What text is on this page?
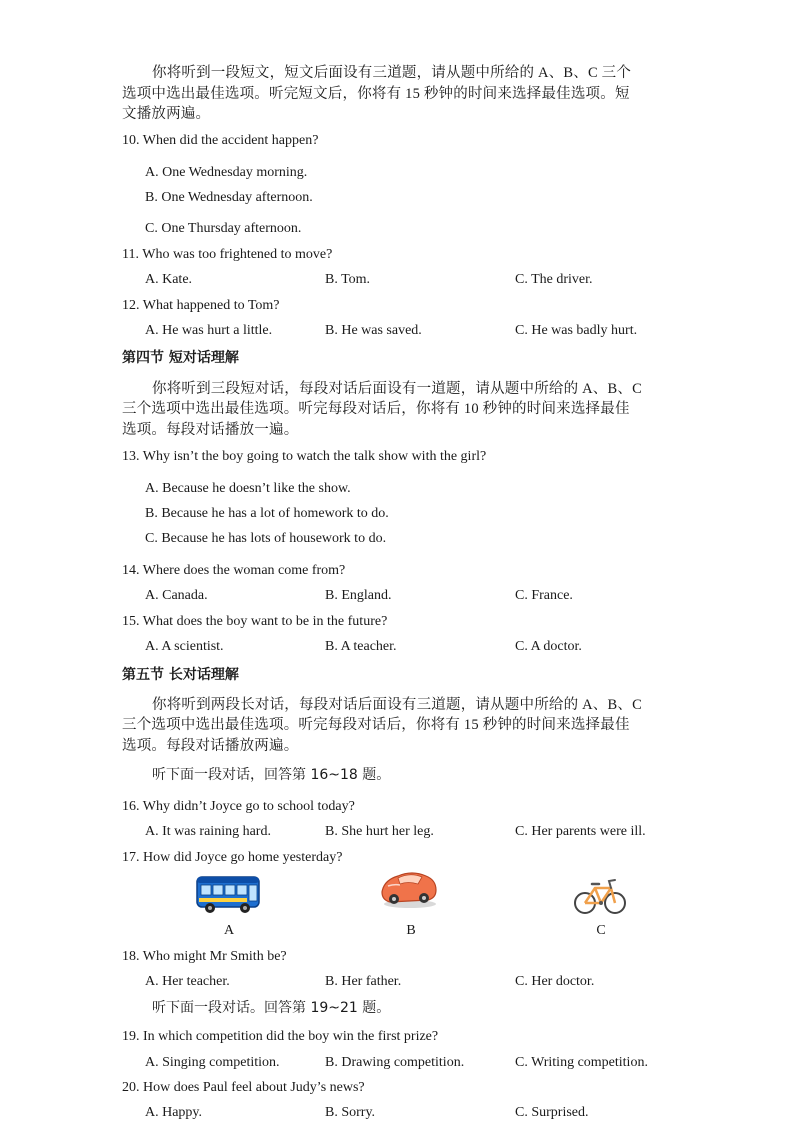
你将听到一段短文，短文后面设有三道题，请从题中所给的 A、B、C 三个
选项中选出最佳选项。听完短文后，你将有 15 秒钟的时间来选择最佳选项。短
文播放两遍。
10. When did the accident happen?
A. One Wednesday morning.
B. One Wednesday afternoon.
C. One Thursday afternoon.
11. Who was too frightened to move?
A. Kate.	B. Tom.	C. The driver.
12. What happened to Tom?
A. He was hurt a little.	B. He was saved.	C. He was badly hurt.
第四节 短对话理解
你将听到三段短对话，每段对话后面设有一道题，请从题中所给的 A、B、C
三个选项中选出最佳选项。听完每段对话后，你将有 10 秒钟的时间来选择最佳
选项。每段对话播放一遍。
13. Why isn’t the boy going to watch the talk show with the girl?
A. Because he doesn’t like the show.
B. Because he has a lot of homework to do.
C. Because he has lots of housework to do.
14. Where does the woman come from?
A. Canada.	B. England.	C. France.
15. What does the boy want to be in the future?
A. A scientist.	B. A teacher.	C. A doctor.
第五节 长对话理解
你将听到两段长对话，每段对话后面设有三道题，请从题中所给的 A、B、C
三个选项中选出最佳选项。听完每段对话后，你将有 15 秒钟的时间来选择最佳
选项。每段对话播放两遍。
听下面一段对话，回答第 16~18 题。
16. Why didn’t Joyce go to school today?
A. It was raining hard.	B. She hurt her leg.	C. Her parents were ill.
17. How did Joyce go home yesterday?
A	B	C
18. Who might Mr Smith be?
A. Her teacher.	B. Her father.	C. Her doctor.
听下面一段对话。回答第 19~21 题。
19. In which competition did the boy win the first prize?
A. Singing competition.	B. Drawing competition.	C. Writing competition.
20. How does Paul feel about Judy’s news?
A. Happy.	B. Sorry.	C. Surprised.
